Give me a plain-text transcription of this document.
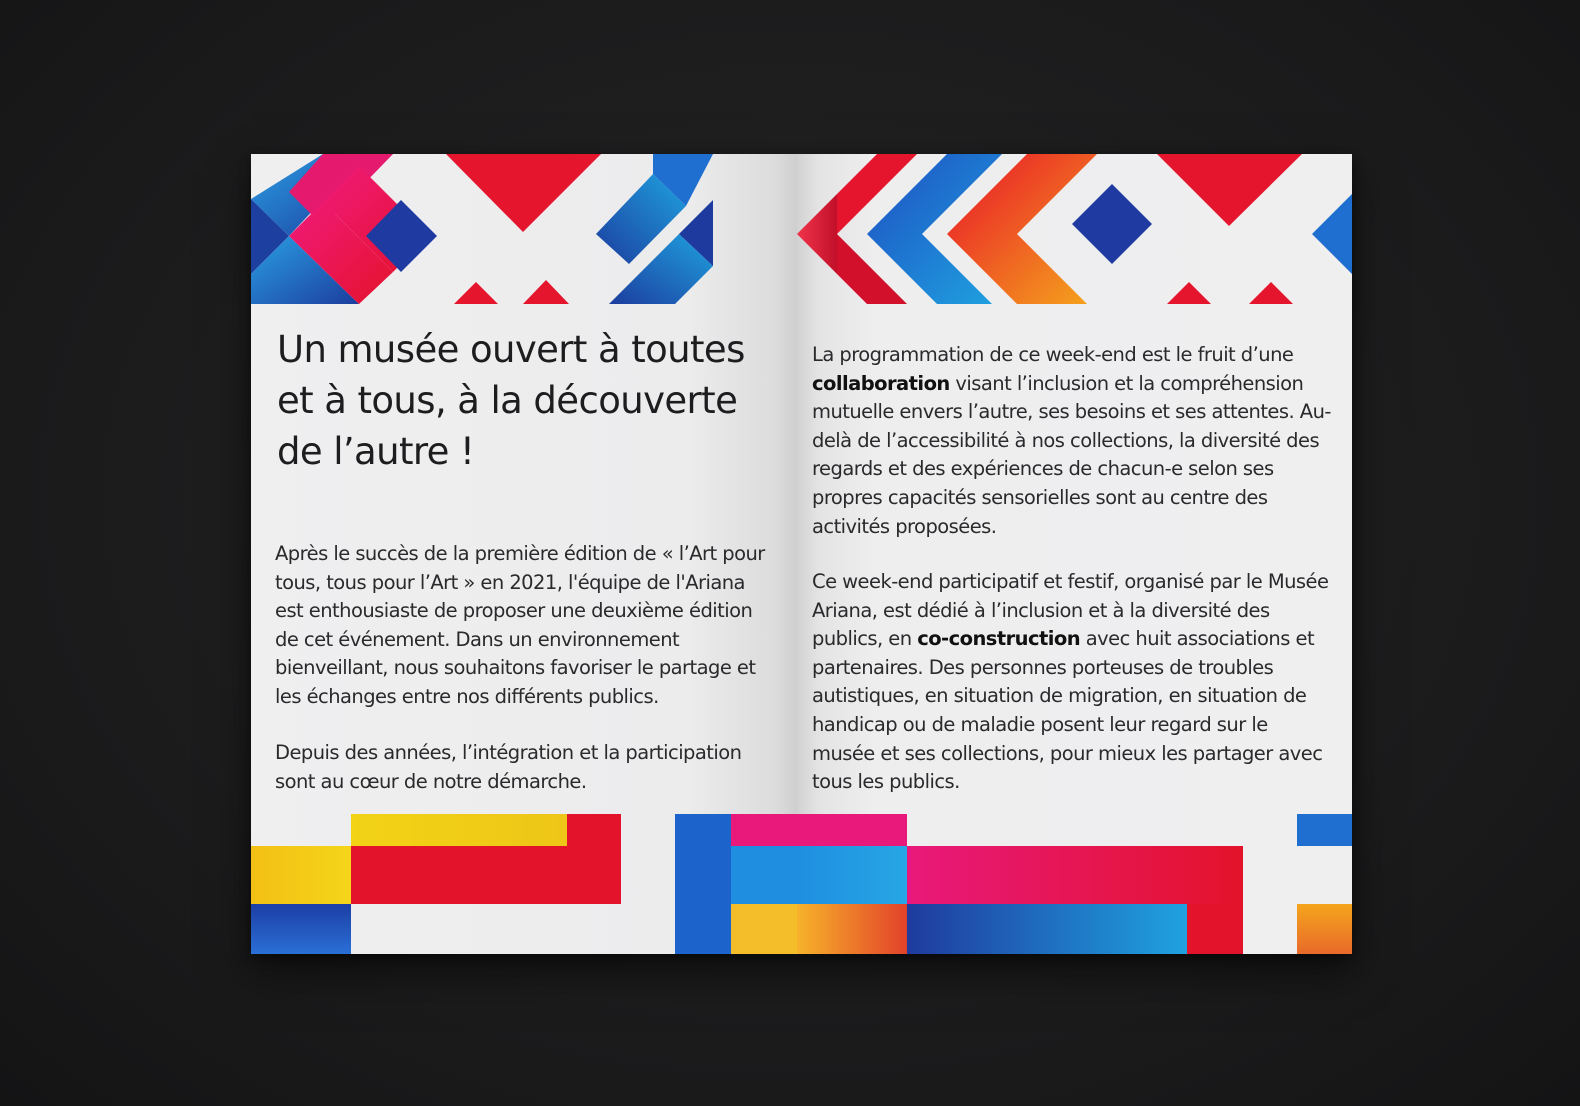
Un musée ouvert à toutes
et à tous, à la découverte
de l’autre !

Après le succès de la première édition de « l’Art pour tous, tous pour l’Art » en 2021, l'équipe de l'Ariana est enthousiaste de proposer une deuxième édition de cet événement. Dans un environnement bienveillant, nous souhaitons favoriser le partage et les échanges entre nos différents publics.

Depuis des années, l’intégration et la participation sont au cœur de notre démarche.

La programmation de ce week-end est le fruit d’une collaboration visant l’inclusion et la compréhension mutuelle envers l’autre, ses besoins et ses attentes. Au-delà de l’accessibilité à nos collections, la diversité des regards et des expériences de chacun-e selon ses propres capacités sensorielles sont au centre des activités proposées.

Ce week-end participatif et festif, organisé par le Musée Ariana, est dédié à l’inclusion et à la diversité des publics, en co-construction avec huit associations et partenaires. Des personnes porteuses de troubles autistiques, en situation de migration, en situation de handicap ou de maladie posent leur regard sur le musée et ses collections, pour mieux les partager avec tous les publics.
